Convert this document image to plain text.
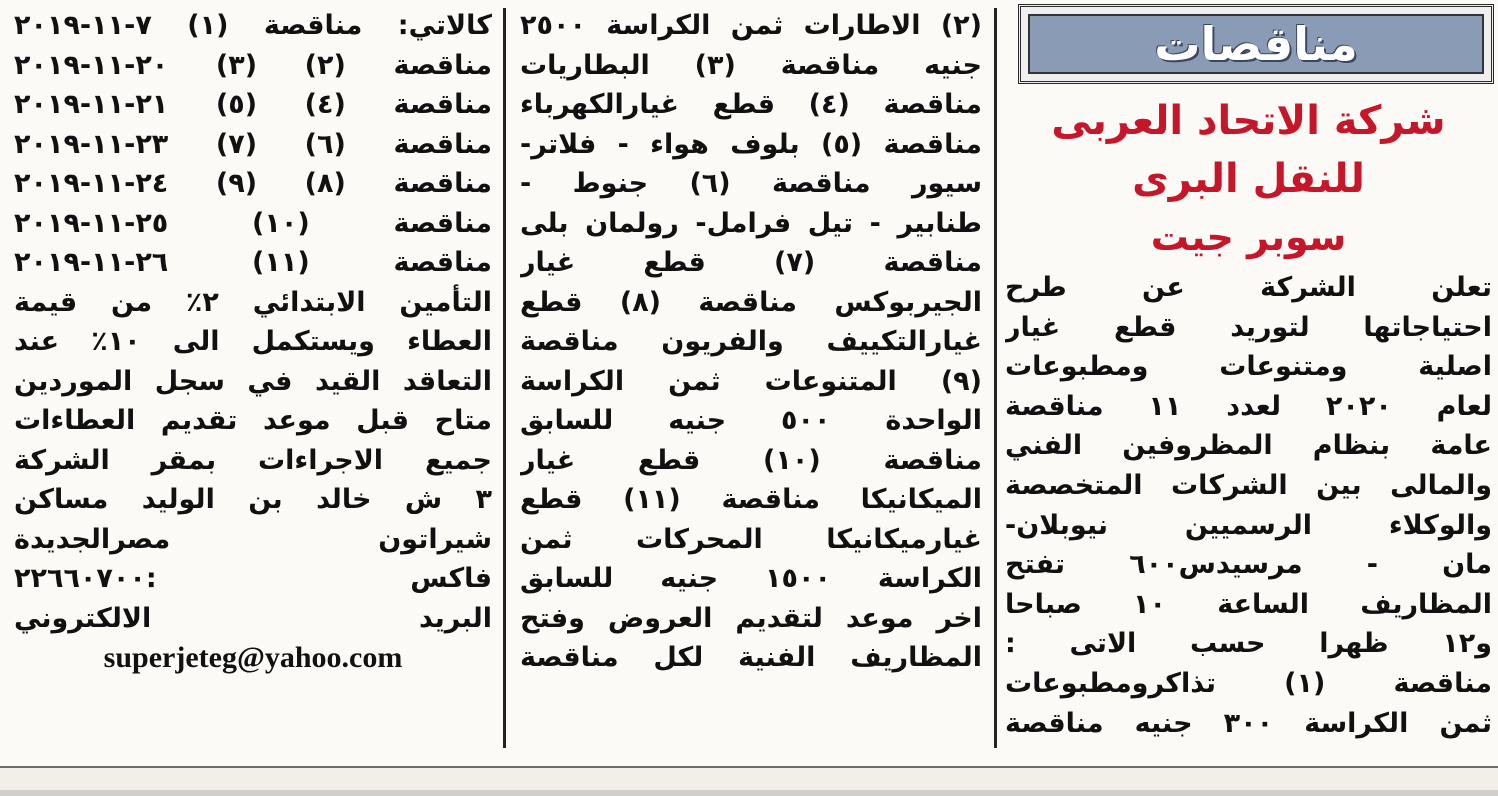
مناقصات
شركة الاتحاد العربى
للنقل البرى
سوبر جيت
تعلن الشركة عن طرح
احتياجاتها لتوريد قطع غيار
اصلية ومتنوعات ومطبوعات
لعام ٢٠٢٠ لعدد ١١ مناقصة
عامة بنظام المظروفين الفني
والمالى بين الشركات المتخصصة
والوكلاء الرسميين نيوبلان-
مان - مرسيدس٦٠٠ تفتح
المظاريف الساعة ١٠ صباحا
و١٢ ظهرا حسب الاتى :
مناقصة (١) تذاكرومطبوعات
ثمن الكراسة ٣٠٠ جنيه مناقصة
(٢) الاطارات ثمن الكراسة ٢٥٠٠
جنيه مناقصة (٣) البطاريات
مناقصة (٤) قطع غيارالكهرباء
مناقصة (٥) بلوف هواء - فلاتر-
سيور مناقصة (٦) جنوط -
طنابير - تيل فرامل- رولمان بلى
مناقصة (٧) قطع غيار
الجيربوكس مناقصة (٨) قطع
غيارالتكييف والفريون مناقصة
(٩) المتنوعات ثمن الكراسة
الواحدة ٥٠٠ جنيه للسابق
مناقصة (١٠) قطع غيار
الميكانيكا مناقصة (١١) قطع
غيارميكانيكا المحركات ثمن
الكراسة ١٥٠٠ جنيه للسابق
اخر موعد لتقديم العروض وفتح
المظاريف الفنية لكل مناقصة
كالاتي: مناقصة (١) ٧-١١-٢٠١٩
مناقصة (٢) (٣) ٢٠-١١-٢٠١٩
مناقصة (٤) (٥) ٢١-١١-٢٠١٩
مناقصة (٦) (٧) ٢٣-١١-٢٠١٩
مناقصة (٨) (٩) ٢٤-١١-٢٠١٩
مناقصة (١٠) ٢٥-١١-٢٠١٩
مناقصة (١١) ٢٦-١١-٢٠١٩
التأمين الابتدائي ٢٪ من قيمة
العطاء ويستكمل الى ١٠٪ عند
التعاقد القيد في سجل الموردين
متاح قبل موعد تقديم العطاءات
جميع الاجراءات بمقر الشركة
٣ ش خالد بن الوليد مساكن
شيراتون مصرالجديدة
فاكس :٢٢٦٦٠٧٠٠
البريد الالكتروني
superjeteg@yahoo.com
